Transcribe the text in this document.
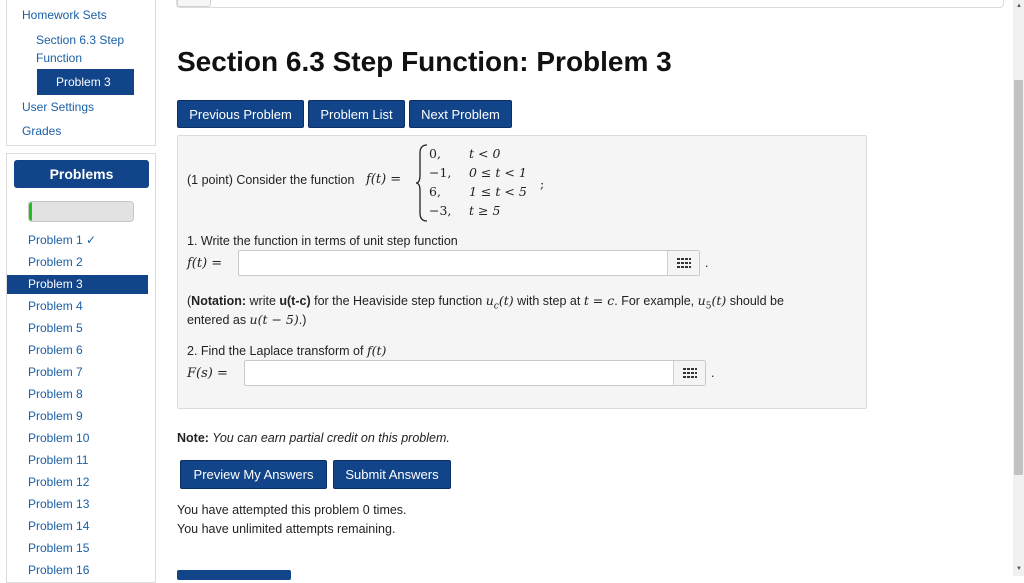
Homework Sets
Section 6.3 Step
Function
Problem 3
User Settings
Grades
Problems
Problem 1 ✓
Problem 2
Problem 3
Problem 4
Problem 5
Problem 6
Problem 7
Problem 8
Problem 9
Problem 10
Problem 11
Problem 12
Problem 13
Problem 14
Problem 15
Problem 16
Section 6.3 Step Function: Problem 3
Previous Problem	Problem List	Next Problem
(1 point) Consider the function f(t) =
0, t < 0
−1, 0 ≤ t < 1
6, 1 ≤ t < 5
−3, t ≥ 5
;
1. Write the function in terms of unit step function
f(t) =	.
(Notation: write u(t-c) for the Heaviside step function $u_c(t)$ with step at t = c. For example, $u_5(t)$ should be
entered as u(t − 5).)
2. Find the Laplace transform of f(t)
F(s) =	.
Note: You can earn partial credit on this problem.
Preview My Answers	Submit Answers
You have attempted this problem 0 times.
You have unlimited attempts remaining.
▲
▼
